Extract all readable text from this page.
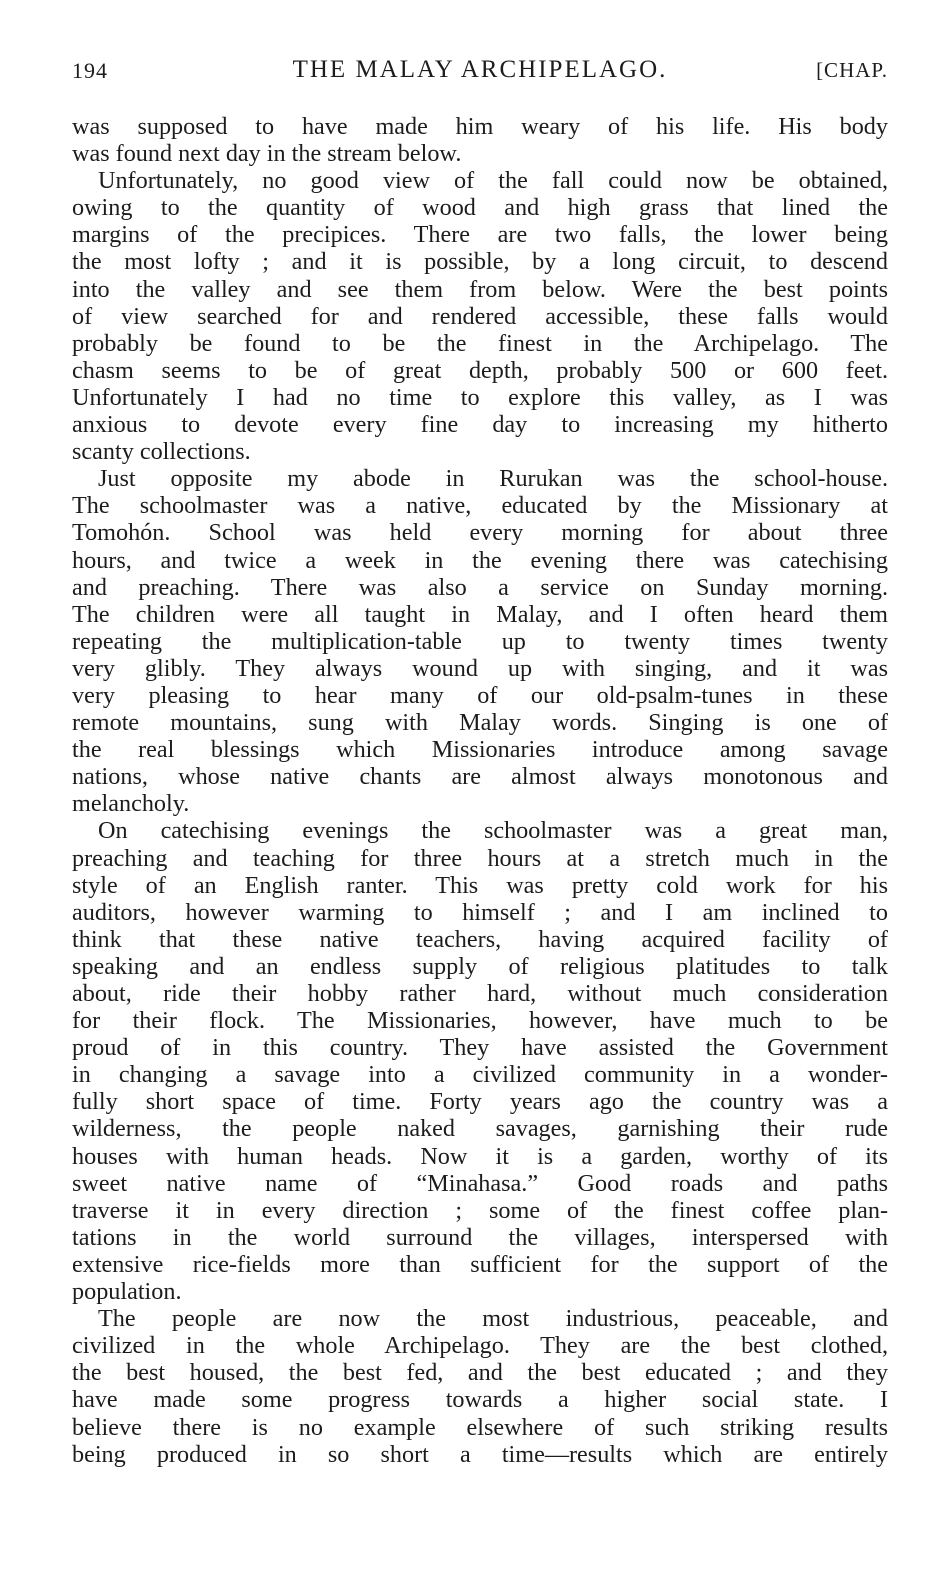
194	THE MALAY ARCHIPELAGO.	[CHAP.
was supposed to have made him weary of his life. His body
was found next day in the stream below.
Unfortunately, no good view of the fall could now be obtained,
owing to the quantity of wood and high grass that lined the
margins of the precipices. There are two falls, the lower being
the most lofty ; and it is possible, by a long circuit, to descend
into the valley and see them from below. Were the best points
of view searched for and rendered accessible, these falls would
probably be found to be the finest in the Archipelago. The
chasm seems to be of great depth, probably 500 or 600 feet.
Unfortunately I had no time to explore this valley, as I was
anxious to devote every fine day to increasing my hitherto
scanty collections.
Just opposite my abode in Rurukan was the school-house.
The schoolmaster was a native, educated by the Missionary at
Tomohón. School was held every morning for about three
hours, and twice a week in the evening there was catechising
and preaching. There was also a service on Sunday morning.
The children were all taught in Malay, and I often heard them
repeating the multiplication-table up to twenty times twenty
very glibly. They always wound up with singing, and it was
very pleasing to hear many of our old-psalm-tunes in these
remote mountains, sung with Malay words. Singing is one of
the real blessings which Missionaries introduce among savage
nations, whose native chants are almost always monotonous and
melancholy.
On catechising evenings the schoolmaster was a great man,
preaching and teaching for three hours at a stretch much in the
style of an English ranter. This was pretty cold work for his
auditors, however warming to himself ; and I am inclined to
think that these native teachers, having acquired facility of
speaking and an endless supply of religious platitudes to talk
about, ride their hobby rather hard, without much consideration
for their flock. The Missionaries, however, have much to be
proud of in this country. They have assisted the Government
in changing a savage into a civilized community in a wonder-
fully short space of time. Forty years ago the country was a
wilderness, the people naked savages, garnishing their rude
houses with human heads. Now it is a garden, worthy of its
sweet native name of “Minahasa.” Good roads and paths
traverse it in every direction ; some of the finest coffee plan-
tations in the world surround the villages, interspersed with
extensive rice-fields more than sufficient for the support of the
population.
The people are now the most industrious, peaceable, and
civilized in the whole Archipelago. They are the best clothed,
the best housed, the best fed, and the best educated ; and they
have made some progress towards a higher social state. I
believe there is no example elsewhere of such striking results
being produced in so short a time—results which are entirely
